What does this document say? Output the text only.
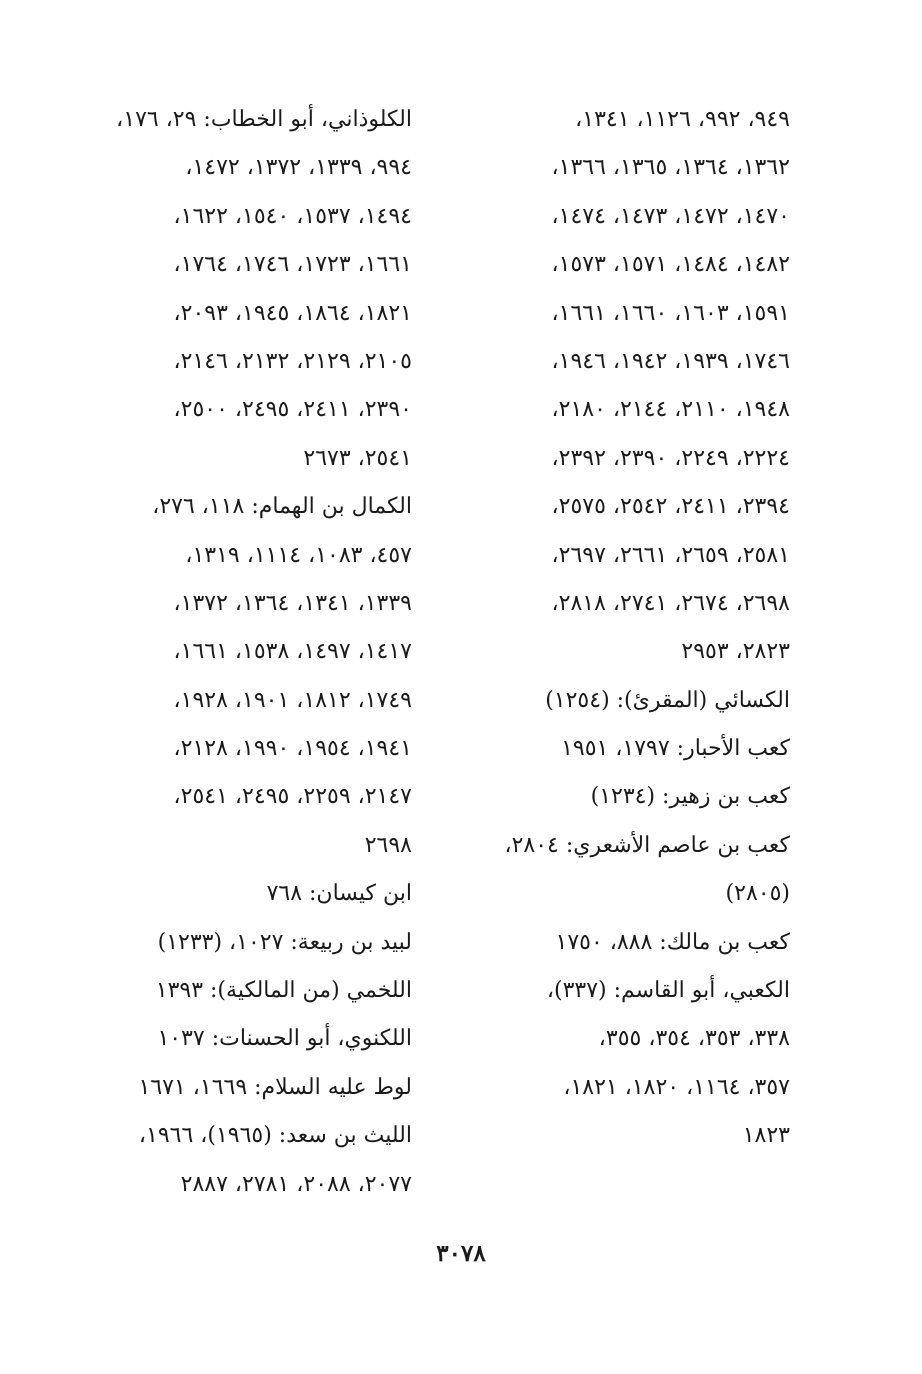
٩٤٩، ٩٩٢، ١١٢٦، ١٣٤١،
١٣٦٢، ١٣٦٤، ١٣٦٥، ١٣٦٦،
١٤٧٠، ١٤٧٢، ١٤٧٣، ١٤٧٤،
١٤٨٢، ١٤٨٤، ١٥٧١، ١٥٧٣،
١٥٩١، ١٦٠٣، ١٦٦٠، ١٦٦١،
١٧٤٦، ١٩٣٩، ١٩٤٢، ١٩٤٦،
١٩٤٨، ٢١١٠، ٢١٤٤، ٢١٨٠،
٢٢٢٤، ٢٢٤٩، ٢٣٩٠، ٢٣٩٢،
٢٣٩٤، ٢٤١١، ٢٥٤٢، ٢٥٧٥،
٢٥٨١، ٢٦٥٩، ٢٦٦١، ٢٦٩٧،
٢٦٩٨، ٢٦٧٤، ٢٧٤١، ٢٨١٨،
٢٨٢٣، ٢٩٥٣
الكسائي (المقرئ): (١٢٥٤)
كعب الأحبار: ١٧٩٧، ١٩٥١
كعب بن زهير: (١٢٣٤)
كعب بن عاصم الأشعري: ٢٨٠٤،
(٢٨٠٥)
كعب بن مالك: ٨٨٨، ١٧٥٠
الكعبي، أبو القاسم: (٣٣٧)،
٣٣٨، ٣٥٣، ٣٥٤، ٣٥٥،
٣٥٧، ١١٦٤، ١٨٢٠، ١٨٢١،
١٨٢٣
الكلوذاني، أبو الخطاب: ٢٩، ١٧٦،
٩٩٤، ١٣٣٩، ١٣٧٢، ١٤٧٢،
١٤٩٤، ١٥٣٧، ١٥٤٠، ١٦٢٢،
١٦٦١، ١٧٢٣، ١٧٤٦، ١٧٦٤،
١٨٢١، ١٨٦٤، ١٩٤٥، ٢٠٩٣،
٢١٠٥، ٢١٢٩، ٢١٣٢، ٢١٤٦،
٢٣٩٠، ٢٤١١، ٢٤٩٥، ٢٥٠٠،
٢٥٤١، ٢٦٧٣
الكمال بن الهمام: ١١٨، ٢٧٦،
٤٥٧، ١٠٨٣، ١١١٤، ١٣١٩،
١٣٣٩، ١٣٤١، ١٣٦٤، ١٣٧٢،
١٤١٧، ١٤٩٧، ١٥٣٨، ١٦٦١،
١٧٤٩، ١٨١٢، ١٩٠١، ١٩٢٨،
١٩٤١، ١٩٥٤، ١٩٩٠، ٢١٢٨،
٢١٤٧، ٢٢٥٩، ٢٤٩٥، ٢٥٤١،
٢٦٩٨
ابن كيسان: ٧٦٨
لبيد بن ربيعة: ١٠٢٧، (١٢٣٣)
اللخمي (من المالكية): ١٣٩٣
اللكنوي، أبو الحسنات: ١٠٣٧
لوط عليه السلام: ١٦٦٩، ١٦٧١
الليث بن سعد: (١٩٦٥)، ١٩٦٦،
٢٠٧٧، ٢٠٨٨، ٢٧٨١، ٢٨٨٧
٣٠٧٨
